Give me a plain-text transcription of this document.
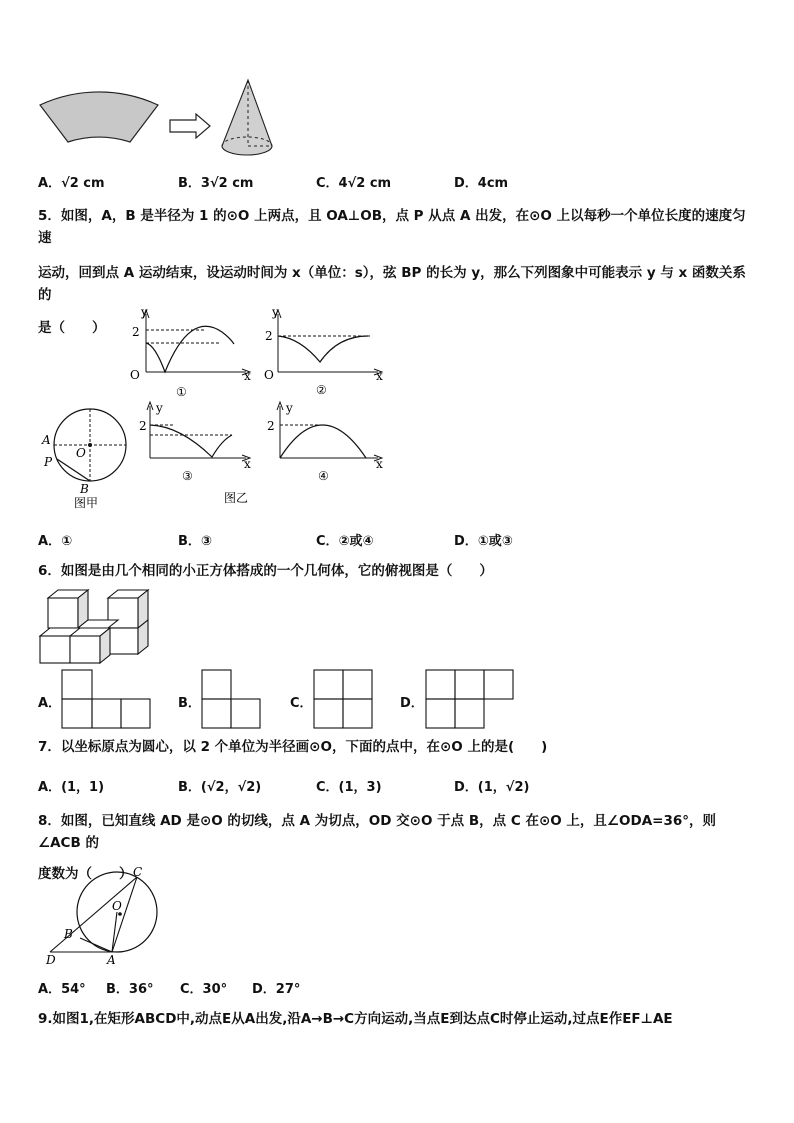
A．√2 cm	B．3√2 cm	C．4√2 cm	D．4cm
5．如图，A，B 是半径为 1 的⊙O 上两点，且 OA⊥OB，点 P 从点 A 出发，在⊙O 上以每秒一个单位长度的速度匀速
运动，回到点 A 运动结束，设运动时间为 x（单位：s），弦 BP 的长为 y，那么下列图象中可能表示 y 与 x 函数关系的
是（　　）
y
x
O
2
①
y
x
O
2
②
A
P
B
O
图甲
y
x
2
③
y
x
2
④
图乙
A．①	B．③	C．②或④	D．①或③
6．如图是由几个相同的小正方体搭成的一个几何体，它的俯视图是（　　）
A．	B．	C．	D．
7．以坐标原点为圆心，以 2 个单位为半径画⊙O，下面的点中，在⊙O 上的是(　　)
A．(1，1)	B．(√2，√2)	C．(1，3)	D．(1，√2)
8．如图，已知直线 AD 是⊙O 的切线，点 A 为切点，OD 交⊙O 于点 B，点 C 在⊙O 上，且∠ODA=36°，则∠ACB 的
度数为（　　） C
O
B
D	A
A．54° B．36° C．30° D．27°
9.如图1,在矩形ABCD中,动点E从A出发,沿A→B→C方向运动,当点E到达点C时停止运动,过点E作EF⊥AE
